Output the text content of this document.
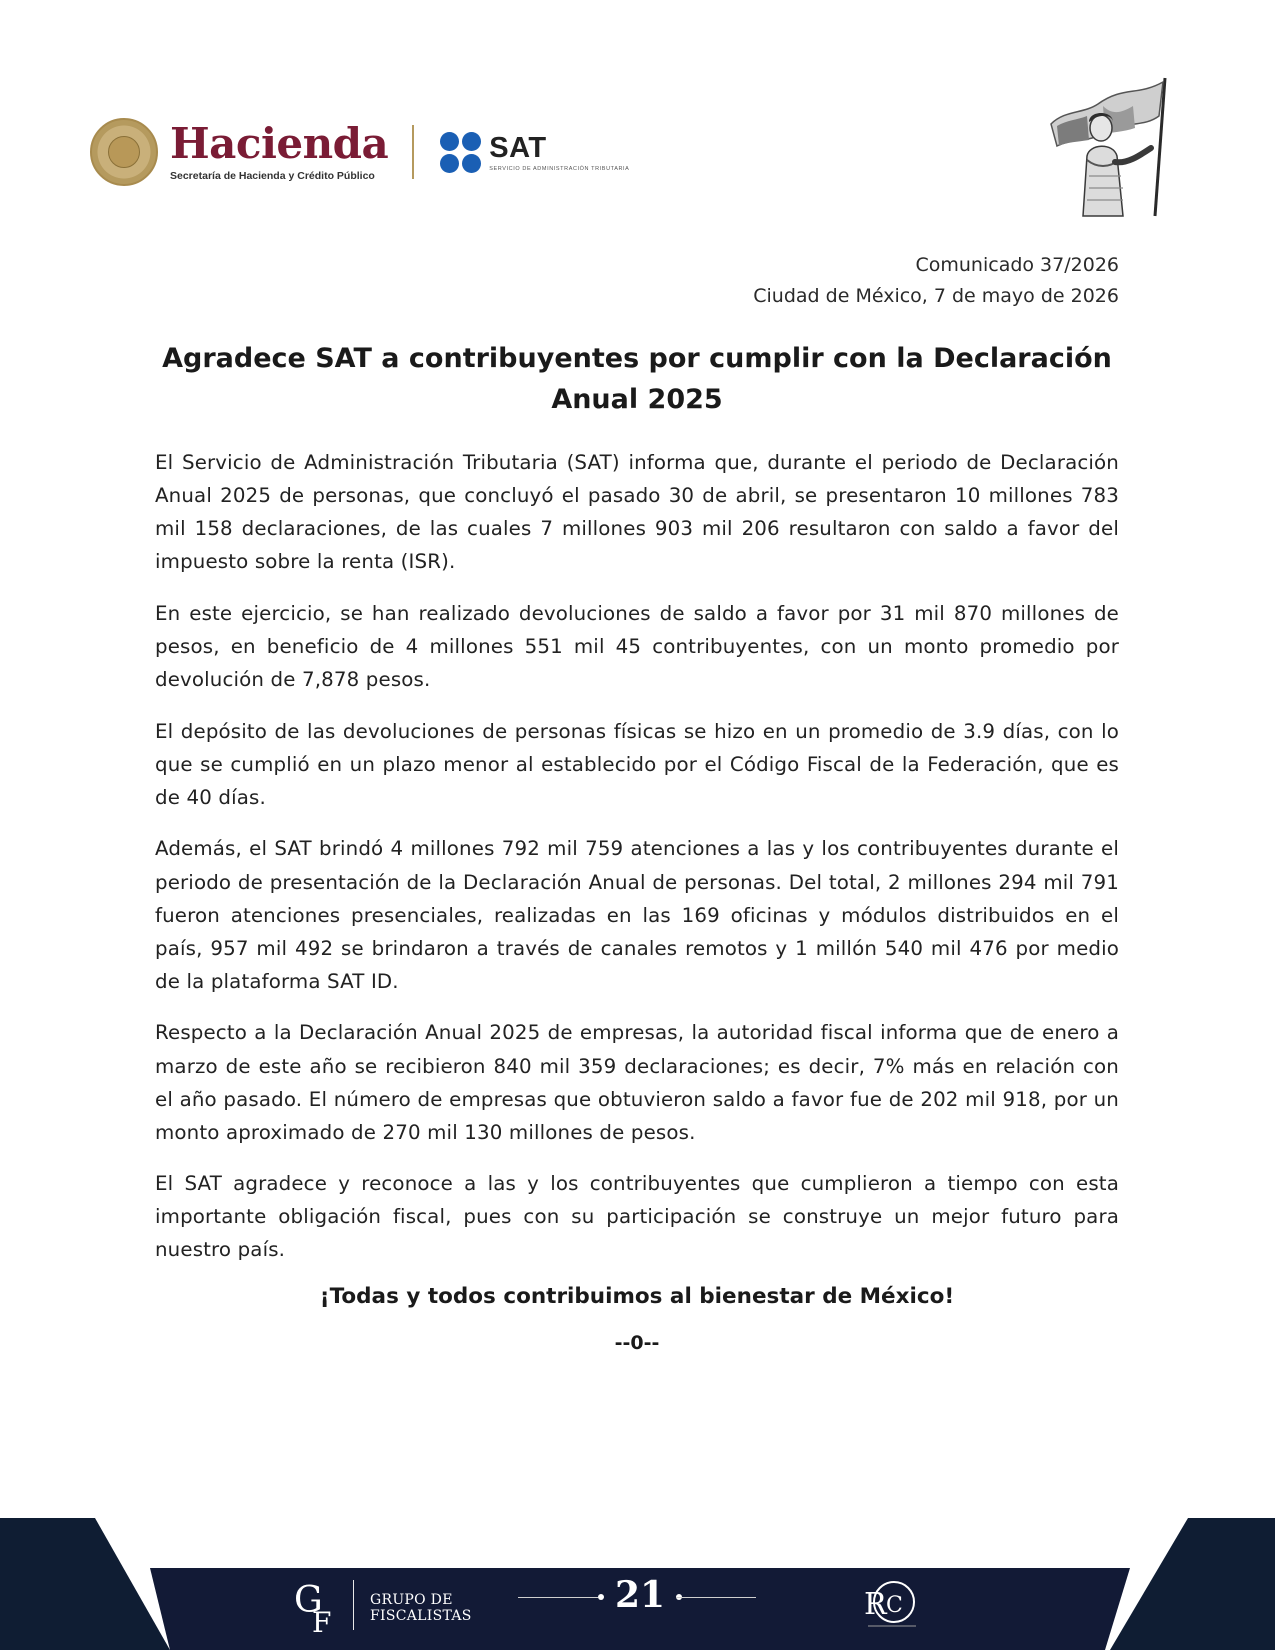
Hacienda
Secretaría de Hacienda y Crédito Público
SAT
SERVICIO DE ADMINISTRACIÓN TRIBUTARIA
Comunicado 37/2026
Ciudad de México, 7 de mayo de 2026
Agradece SAT a contribuyentes por cumplir con la Declaración Anual 2025

El Servicio de Administración Tributaria (SAT) informa que, durante el periodo de Declaración Anual 2025 de personas, que concluyó el pasado 30 de abril, se presentaron 10 millones 783 mil 158 declaraciones, de las cuales 7 millones 903 mil 206 resultaron con saldo a favor del impuesto sobre la renta (ISR).

En este ejercicio, se han realizado devoluciones de saldo a favor por 31 mil 870 millones de pesos, en beneficio de 4 millones 551 mil 45 contribuyentes, con un monto promedio por devolución de 7,878 pesos.

El depósito de las devoluciones de personas físicas se hizo en un promedio de 3.9 días, con lo que se cumplió en un plazo menor al establecido por el Código Fiscal de la Federación, que es de 40 días.

Además, el SAT brindó 4 millones 792 mil 759 atenciones a las y los contribuyentes durante el periodo de presentación de la Declaración Anual de personas. Del total, 2 millones 294 mil 791 fueron atenciones presenciales, realizadas en las 169 oficinas y módulos distribuidos en el país, 957 mil 492 se brindaron a través de canales remotos y 1 millón 540 mil 476 por medio de la plataforma SAT ID.

Respecto a la Declaración Anual 2025 de empresas, la autoridad fiscal informa que de enero a marzo de este año se recibieron 840 mil 359 declaraciones; es decir, 7% más en relación con el año pasado. El número de empresas que obtuvieron saldo a favor fue de 202 mil 918, por un monto aproximado de 270 mil 130 millones de pesos.

El SAT agradece y reconoce a las y los contribuyentes que cumplieron a tiempo con esta importante obligación fiscal, pues con su participación se construye un mejor futuro para nuestro país.

¡Todas y todos contribuimos al bienestar de México!
--0--
G
F
GRUPO DE
FISCALISTAS	21	R C
